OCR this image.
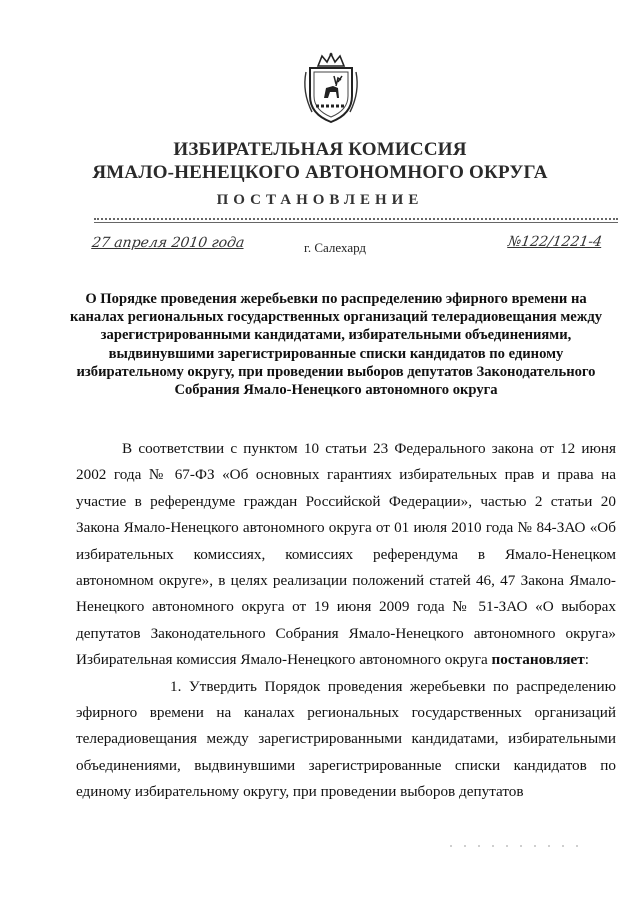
ИЗБИРАТЕЛЬНАЯ КОМИССИЯ
ЯМАЛО-НЕНЕЦКОГО АВТОНОМНОГО ОКРУГА
ПОСТАНОВЛЕНИЕ
27 апреля 2010 года	г. Салехард	№122/1221-4
О Порядке проведения жеребьевки по распределению эфирного времени на каналах региональных государственных организаций телерадиовещания между зарегистрированными кандидатами, избирательными объединениями, выдвинувшими зарегистрированные списки кандидатов по единому избирательному округу, при проведении выборов депутатов Законодательного Собрания Ямало-Ненецкого автономного округа

В соответствии с пунктом 10 статьи 23 Федерального закона от 12 июня 2002 года № 67-ФЗ «Об основных гарантиях избирательных прав и права на участие в референдуме граждан Российской Федерации», частью 2 статьи 20 Закона Ямало-Ненецкого автономного округа от 01 июля 2010 года № 84-ЗАО «Об избирательных комиссиях, комиссиях референдума в Ямало-Ненецком автономном округе», в целях реализации положений статей 46, 47 Закона Ямало-Ненецкого автономного округа от 19 июня 2009 года № 51-ЗАО «О выборах депутатов Законодательного Собрания Ямало-Ненецкого автономного округа» Избирательная комиссия Ямало-Ненецкого автономного округа постановляет:

1. Утвердить Порядок проведения жеребьевки по распределению эфирного времени на каналах региональных государственных организаций телерадиовещания между зарегистрированными кандидатами, избирательными объединениями, выдвинувшими зарегистрированные списки кандидатов по единому избирательному округу, при проведении выборов депутатов
